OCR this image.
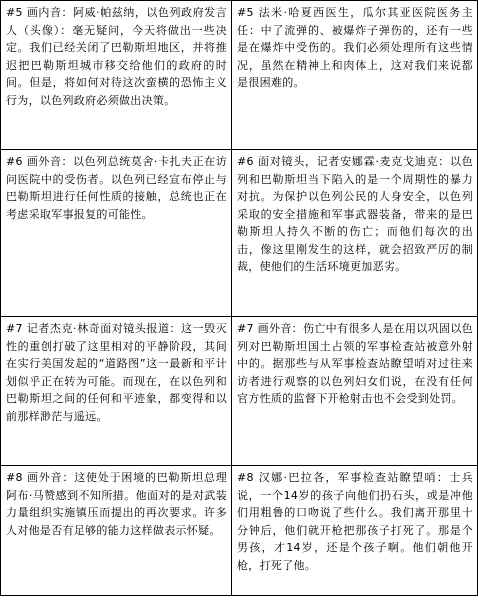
#5 画内音：阿威·帕兹纳，以色列政府发言人（头像）：毫无疑问，今天将做出一些决定。我们已经关闭了巴勒斯坦地区，并将推迟把巴勒斯坦城市移交给他们的政府的时间。但是，将如何对待这次蛮横的恐怖主义行为，以色列政府必须做出决策。	#5 法米·哈夏西医生，瓜尔其亚医院医务主任：中了流弹的、被爆炸子弹伤的，还有一些是在爆炸中受伤的。我们必须处理所有这些情况，虽然在精神上和肉体上，这对我们来说都是很困难的。
#6 画外音：以色列总统莫舍·卡扎夫正在访问医院中的受伤者。以色列已经宣布停止与巴勒斯坦进行任何性质的接触，总统也正在考虑采取军事报复的可能性。	#6 面对镜头，记者安娜霖·麦克戈迪克：以色列和巴勒斯坦当下陷入的是一个周期性的暴力对抗。为保护以色列公民的人身安全，以色列采取的安全措施和军事武器装备，带来的是巴勒斯坦人持久不断的伤亡；而他们每次的出击，像这里刚发生的这样，就会招致严厉的制裁，使他们的生活环境更加恶劣。
#7 记者杰克·林奇面对镜头报道：这一毁灭性的重创打破了这里相对的平静阶段，其间在实行美国发起的“道路图”这一最新和平计划似乎正在转为可能。而现在，在以色列和巴勒斯坦之间的任何和平迹象，都变得和以前那样渺茫与遥远。	#7 画外音：伤亡中有很多人是在用以巩固以色列对巴勒斯坦国土占领的军事检查站被意外射中的。据那些与从军事检查站瞭望哨对过往来访者进行观察的以色列妇女们说，在没有任何官方性质的监督下开枪射击也不会受到处罚。
#8 画外音：这使处于困境的巴勒斯坦总理阿布·马赞感到不知所措。他面对的是对武装力量组织实施镇压而提出的再次要求。许多人对他是否有足够的能力这样做表示怀疑。	#8 汉娜·巴拉各，军事检查站瞭望哨：士兵说，一个14岁的孩子向他们扔石头，或是冲他们用粗鲁的口吻说了些什么。我们离开那里十分钟后，他们就开枪把那孩子打死了。那是个男孩，才14岁，还是个孩子啊。他们朝他开枪，打死了他。
